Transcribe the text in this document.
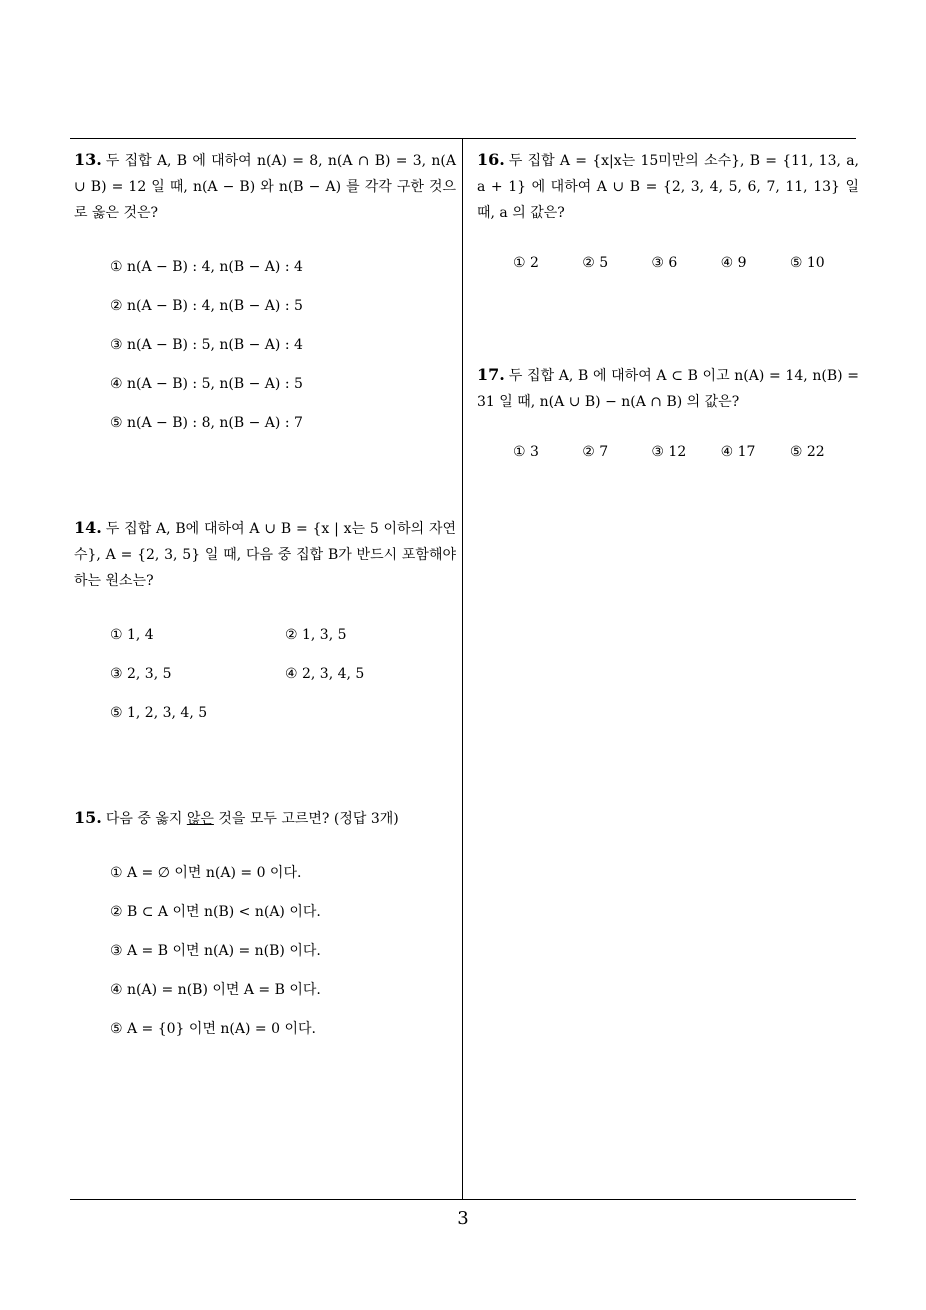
13. 두 집합 A, B 에 대하여 n(A) = 8, n(A ∩ B) = 3, n(A ∪ B) = 12 일 때, n(A − B) 와 n(B − A) 를 각각 구한 것으로 옳은 것은?
① n(A − B) : 4, n(B − A) : 4
② n(A − B) : 4, n(B − A) : 5
③ n(A − B) : 5, n(B − A) : 4
④ n(A − B) : 5, n(B − A) : 5
⑤ n(A − B) : 8, n(B − A) : 7
14. 두 집합 A, B에 대하여 A ∪ B = {x | x는 5 이하의 자연수}, A = {2, 3, 5} 일 때, 다음 중 집합 B가 반드시 포함해야 하는 원소는?
① 1, 4	② 1, 3, 5
③ 2, 3, 5	④ 2, 3, 4, 5
⑤ 1, 2, 3, 4, 5
15. 다음 중 옳지 않은 것을 모두 고르면? (정답 3개)
① A = ∅ 이면 n(A) = 0 이다.
② B ⊂ A 이면 n(B) < n(A) 이다.
③ A = B 이면 n(A) = n(B) 이다.
④ n(A) = n(B) 이면 A = B 이다.
⑤ A = {0} 이면 n(A) = 0 이다.
16. 두 집합 A = {x|x는 15미만의 소수}, B = {11, 13, a, a + 1} 에 대하여 A ∪ B = {2, 3, 4, 5, 6, 7, 11, 13} 일 때, a 의 값은?
① 2	② 5	③ 6	④ 9	⑤ 10
17. 두 집합 A, B 에 대하여 A ⊂ B 이고 n(A) = 14, n(B) = 31 일 때, n(A ∪ B) − n(A ∩ B) 의 값은?
① 3	② 7	③ 12	④ 17	⑤ 22
3
